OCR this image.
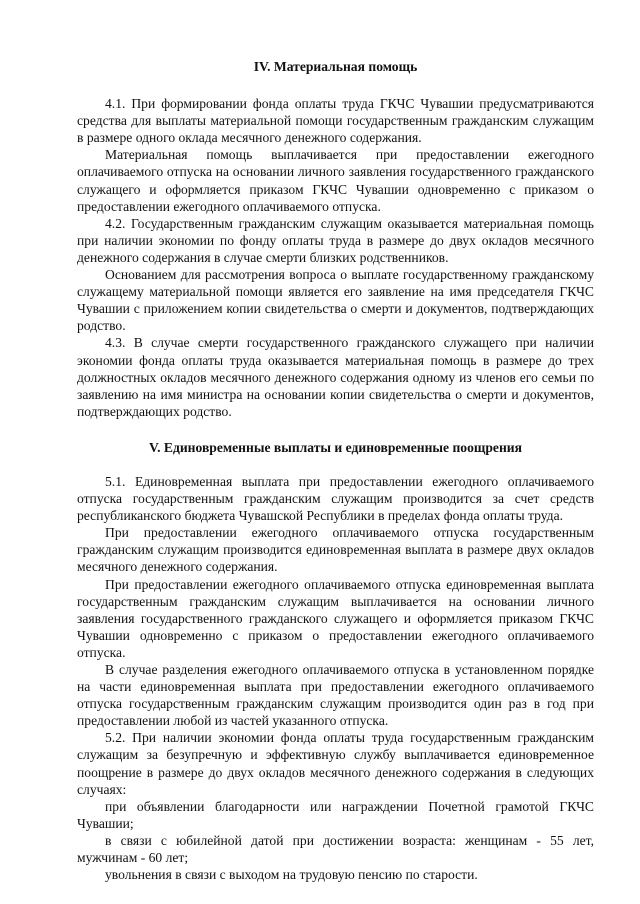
IV. Материальная помощь

4.1. При формировании фонда оплаты труда ГКЧС Чувашии предусматриваются средства для выплаты материальной помощи государственным гражданским служащим в размере одного оклада месячного денежного содержания.

Материальная помощь выплачивается при предоставлении ежегодного оплачиваемого отпуска на основании личного заявления государственного гражданского служащего и оформляется приказом ГКЧС Чувашии одновременно с приказом о предоставлении ежегодного оплачиваемого отпуска.

4.2. Государственным гражданским служащим оказывается материальная помощь при наличии экономии по фонду оплаты труда в размере до двух окладов месячного денежного содержания в случае смерти близких родственников.

Основанием для рассмотрения вопроса о выплате государственному гражданскому служащему материальной помощи является его заявление на имя председателя ГКЧС Чувашии с приложением копии свидетельства о смерти и документов, подтверждающих родство.

4.3. В случае смерти государственного гражданского служащего при наличии экономии фонда оплаты труда оказывается материальная помощь в размере до трех должностных окладов месячного денежного содержания одному из членов его семьи по заявлению на имя министра на основании копии свидетельства о смерти и документов, подтверждающих родство.

V. Единовременные выплаты и единовременные поощрения

5.1. Единовременная выплата при предоставлении ежегодного оплачиваемого отпуска государственным гражданским служащим производится за счет средств республиканского бюджета Чувашской Республики в пределах фонда оплаты труда.

При предоставлении ежегодного оплачиваемого отпуска государственным гражданским служащим производится единовременная выплата в размере двух окладов месячного денежного содержания.

При предоставлении ежегодного оплачиваемого отпуска единовременная выплата государственным гражданским служащим выплачивается на основании личного заявления государственного гражданского служащего и оформляется приказом ГКЧС Чувашии одновременно с приказом о предоставлении ежегодного оплачиваемого отпуска.

В случае разделения ежегодного оплачиваемого отпуска в установленном порядке на части единовременная выплата при предоставлении ежегодного оплачиваемого отпуска государственным гражданским служащим производится один раз в год при предоставлении любой из частей указанного отпуска.

5.2. При наличии экономии фонда оплаты труда государственным гражданским служащим за безупречную и эффективную службу выплачивается единовременное поощрение в размере до двух окладов месячного денежного содержания в следующих случаях:

при объявлении благодарности или награждении Почетной грамотой ГКЧС Чувашии;

в связи с юбилейной датой при достижении возраста: женщинам - 55 лет, мужчинам - 60 лет;

увольнения в связи с выходом на трудовую пенсию по старости.
